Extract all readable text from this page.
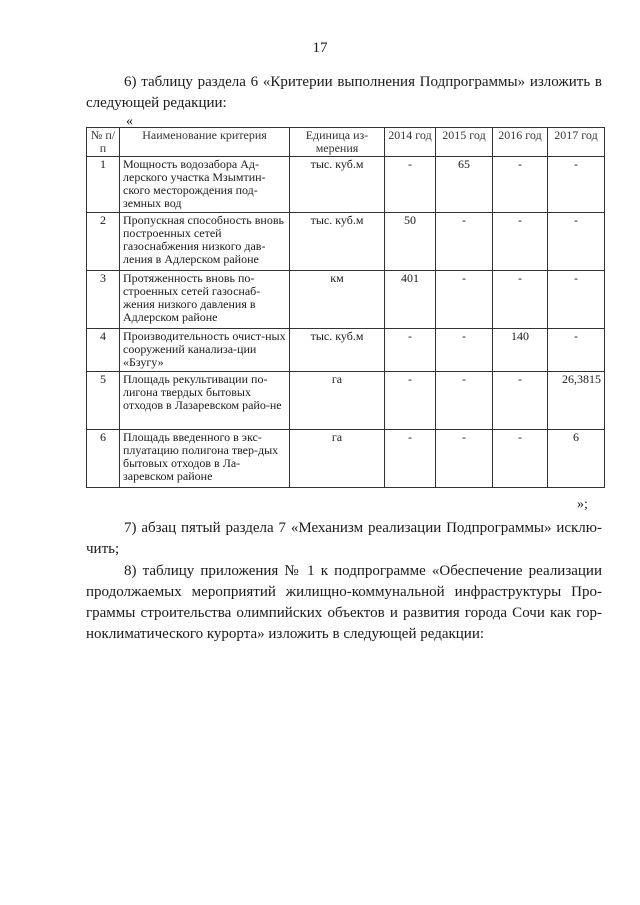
17

6) таблицу раздела 6 «Критерии выполнения Подпрограммы» изложить в следующей редакции:

«
№ п/п	Наименование критерия	Единица из-мерения	2014 год	2015 год	2016 год	2017 год
1	Мощность водозабора Ад-лерского участка Мзымтин-ского месторождения под-земных вод	тыс. куб.м	-	65	-	-
2	Пропускная способность вновь построенных сетей газоснабжения низкого дав-ления в Адлерском районе	тыс. куб.м	50	-	-	-
3	Протяженность вновь по-строенных сетей газоснаб-жения низкого давления в Адлерском районе	км	401	-	-	-
4	Производительность очист-ных сооружений канализа-ции «Бзугу»	тыс. куб.м	-	-	140	-
5	Площадь рекультивации по-лигона твердых бытовых отходов в Лазаревском райо-не	га	-	-	-	26,3815
6	Площадь введенного в экс-плуатацию полигона твер-дых бытовых отходов в Ла-заревском районе	га	-	-	-	6
»;

7) абзац пятый раздела 7 «Механизм реализации Подпрограммы» исклю-чить;

8) таблицу приложения № 1 к подпрограмме «Обеспечение реализации продолжаемых мероприятий жилищно-коммунальной инфраструктуры Про-граммы строительства олимпийских объектов и развития города Сочи как гор-ноклиматического курорта» изложить в следующей редакции:
